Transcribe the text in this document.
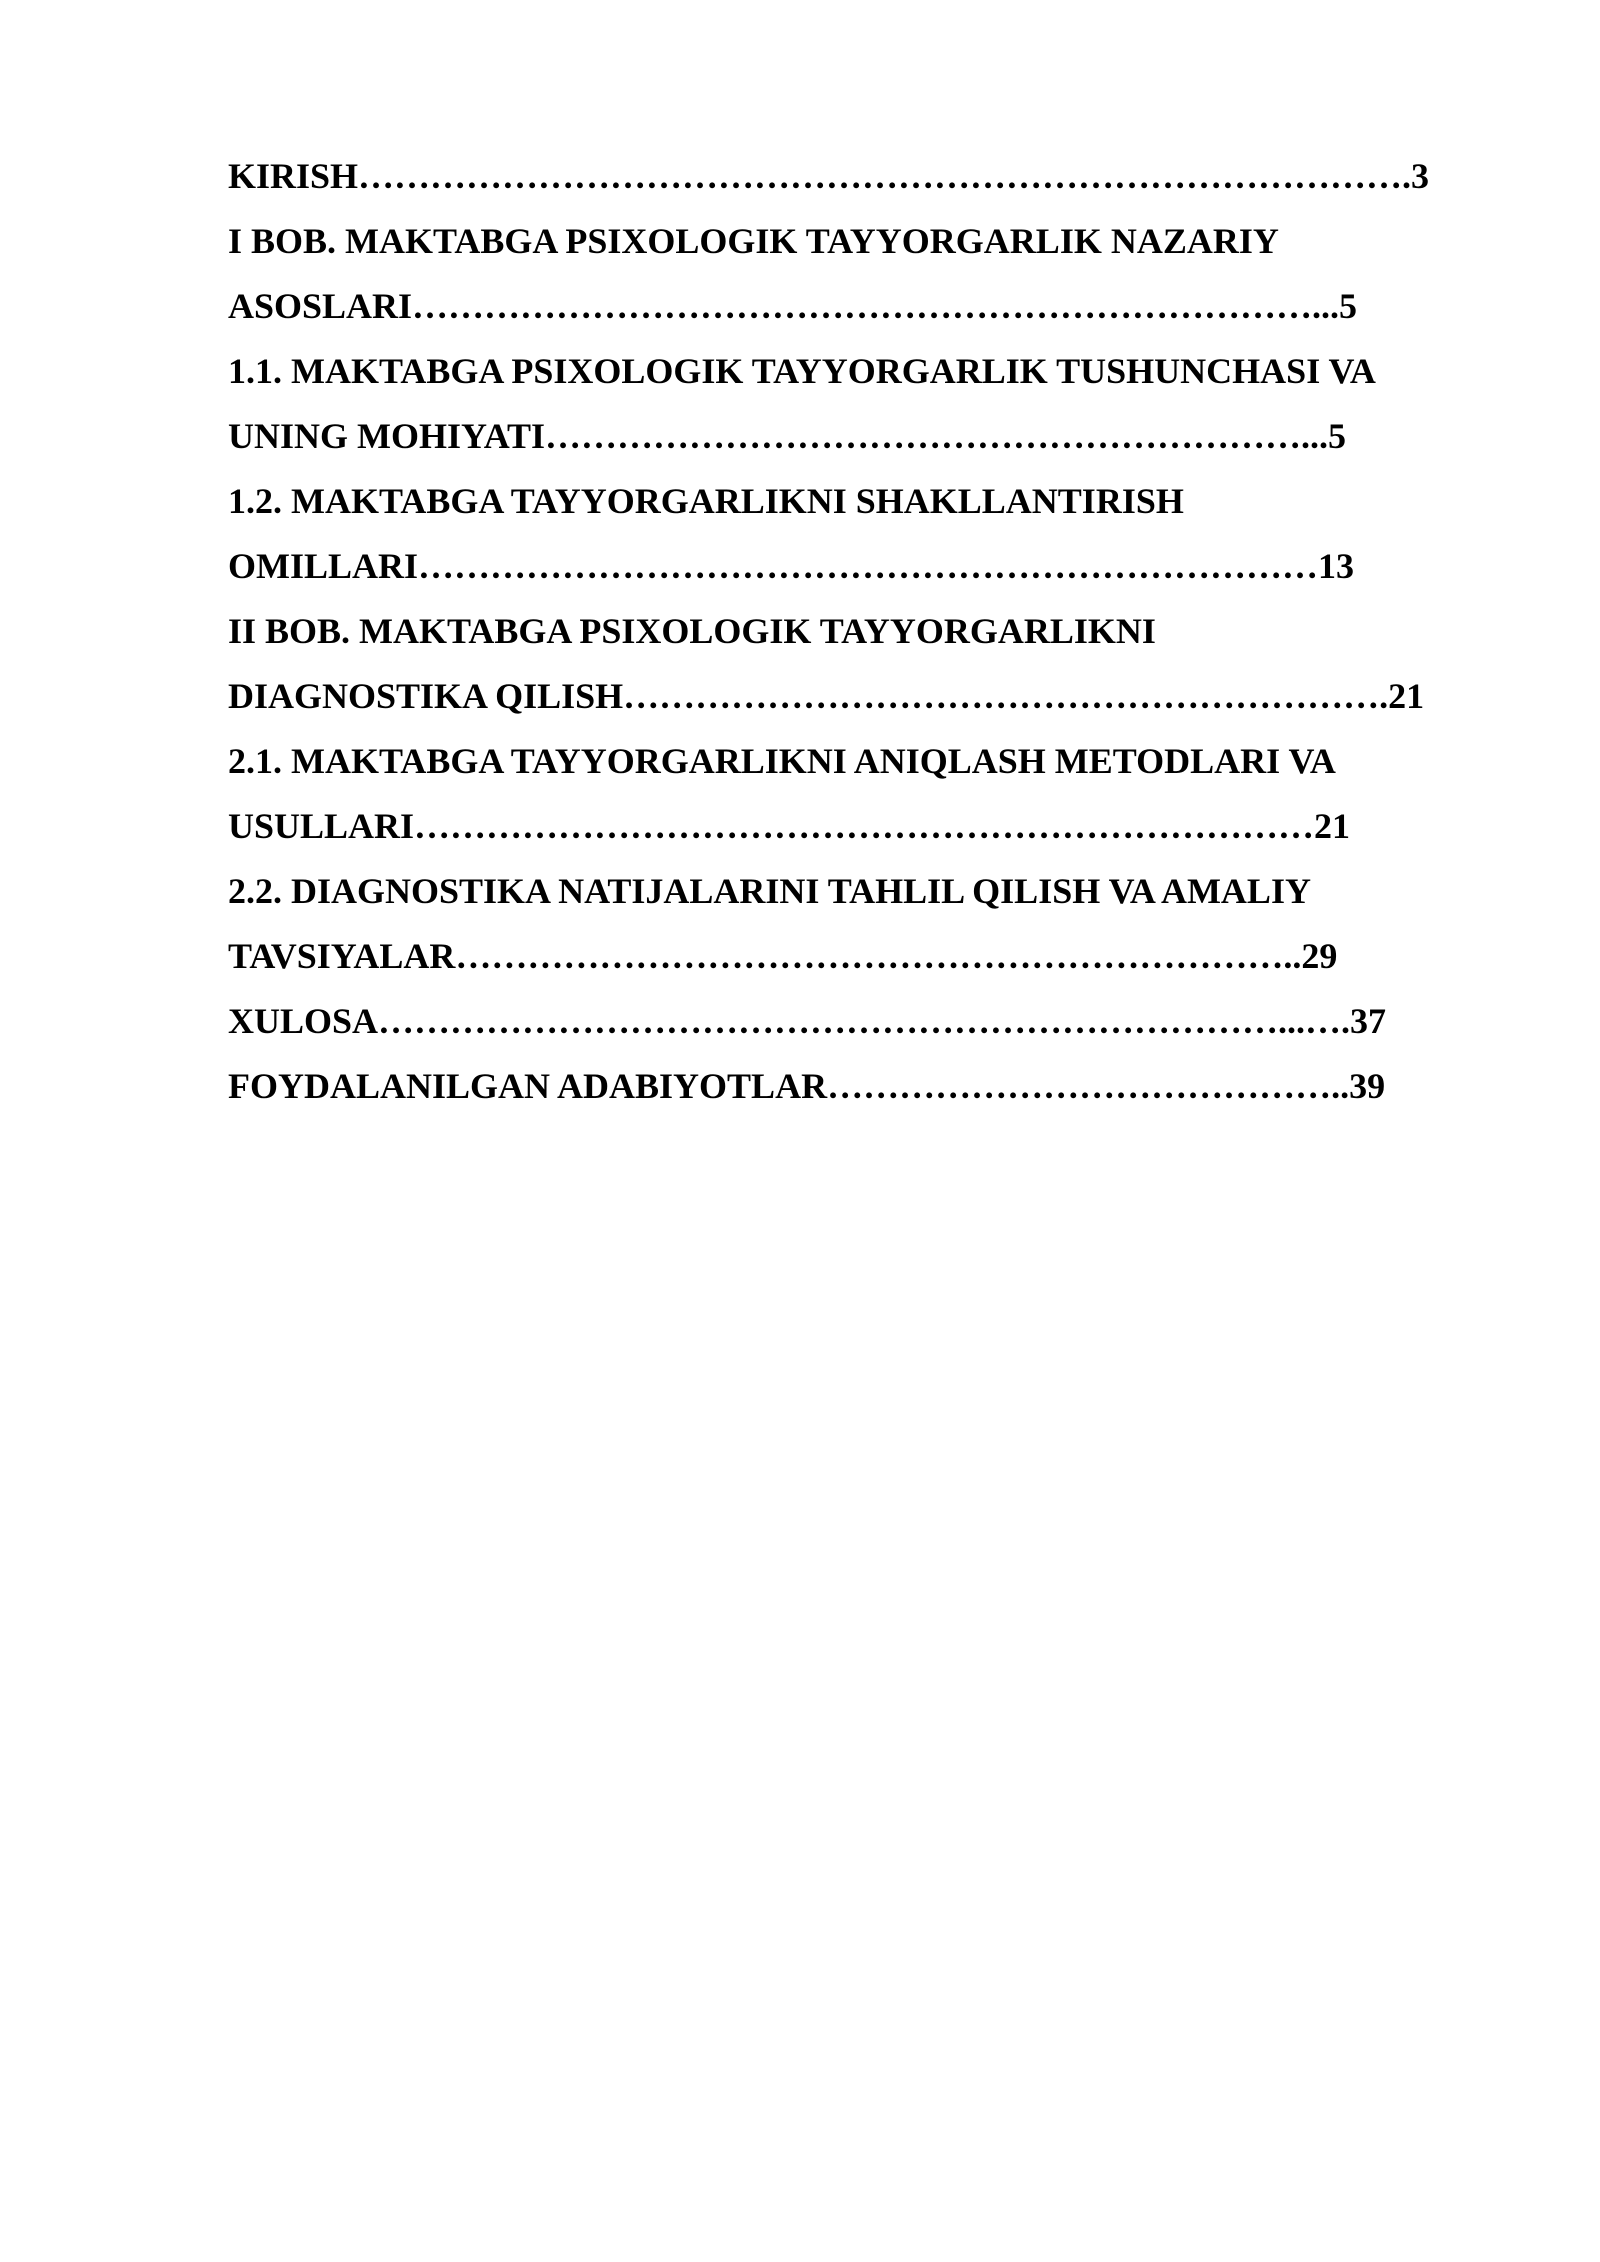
KIRISH…………………………………………………………………………….3
I BOB. MAKTABGA PSIXOLOGIK TAYYORGARLIK NAZARIY
ASOSLARI…………………………………………………………………...5
1.1. MAKTABGA PSIXOLOGIK TAYYORGARLIK TUSHUNCHASI VA
UNING MOHIYATI………………………………………………………...5
1.2. MAKTABGA TAYYORGARLIKNI SHAKLLANTIRISH
OMILLARI…………………………………………………………………13
II BOB. MAKTABGA PSIXOLOGIK TAYYORGARLIKNI
DIAGNOSTIKA QILISH……………………………………………………….21
2.1. MAKTABGA TAYYORGARLIKNI ANIQLASH METODLARI VA
USULLARI…………………………………………………………………21
2.2. DIAGNOSTIKA NATIJALARINI TAHLIL QILISH VA AMALIY
TAVSIYALAR……………………………………………………………..29
XULOSA…………………………………………………………………...….37
FOYDALANILGAN ADABIYOTLAR……………………………………..39
